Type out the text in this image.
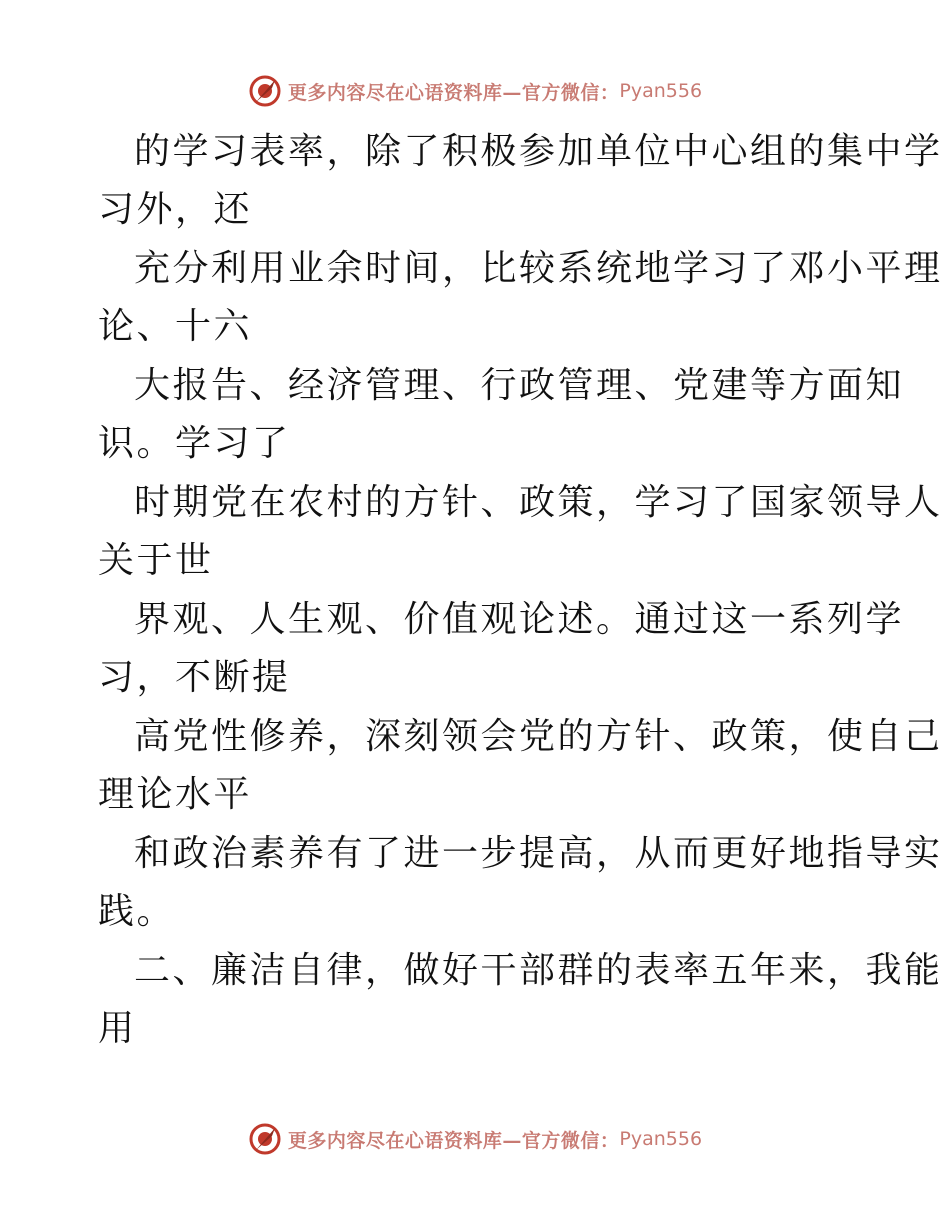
更多内容尽在心语资料库—官方微信： Pyan556
的学习表率，除了积极参加单位中心组的集中学
习外，还
充分利用业余时间，比较系统地学习了邓小平理
论、十六
大报告、经济管理、行政管理、党建等方面知
识。学习了
时期党在农村的方针、政策，学习了国家领导人
关于世
界观、人生观、价值观论述。通过这一系列学
习，不断提
高党性修养，深刻领会党的方针、政策，使自己
理论水平
和政治素养有了进一步提高，从而更好地指导实
践。
二、廉洁自律，做好干部群的表率五年来，我能
用
更多内容尽在心语资料库—官方微信： Pyan556
